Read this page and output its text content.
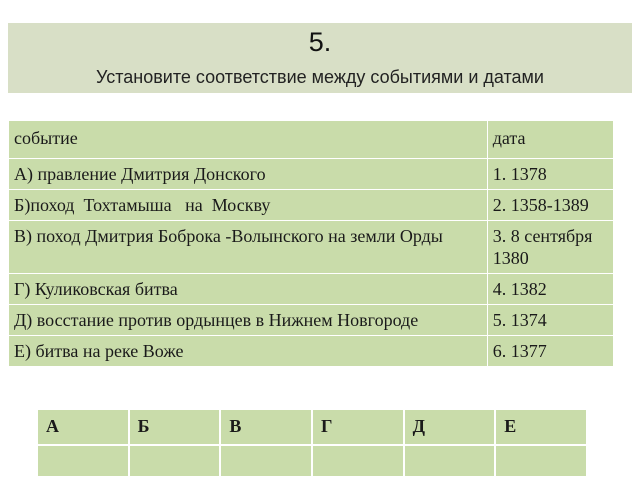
5.
Установите соответствие между событиями и датами
событие	дата
А) правление Дмитрия Донского	1. 1378
Б)поход  Тохтамыша   на  Москву	2. 1358-1389
В) поход Дмитрия Боброка -Волынского на земли Орды	3. 8 сентября 1380
Г) Куликовская битва	4. 1382
Д) восстание против ордынцев в Нижнем Новгороде	5. 1374
Е) битва на реке Воже	6. 1377
А	Б	В	Г	Д	Е
